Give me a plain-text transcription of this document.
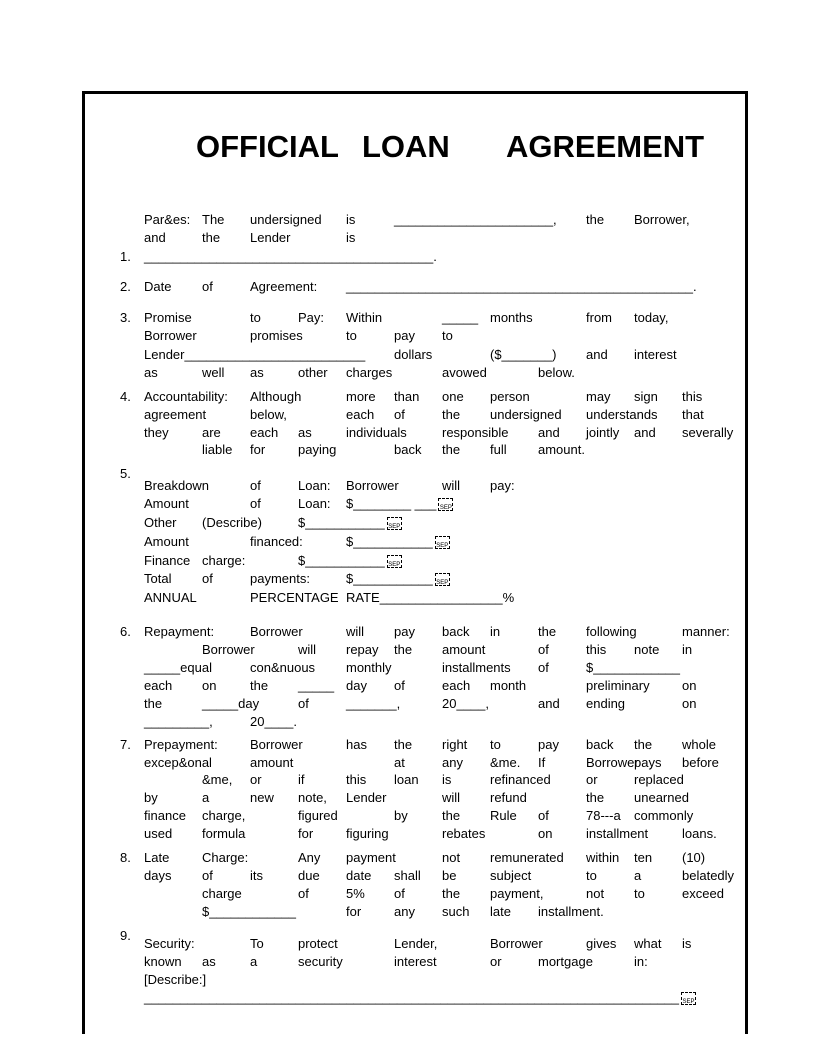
OFFICIAL LOAN AGREEMENT
1.
2.
3.
4.
5.
6.
7.
8.
9.
Par&es: The undersigned is	______________________, the Borrower,
and	the Lender	is
________________________________________.
Date of	Agreement: ________________________________________________.
Promise	to	Pay: Within	_____ months	from today,
Borrower	promises	to	pay to
Lender_________________________ dollars	($_______) and interest
as	well as	other charges	avowed	below.
Accountability: Although	more than one person	may sign this
agreement	below,	each of	the undersigned understands that
they	are each as	individuals	responsible and jointly and severally
liable for	paying	back the full amount.
Breakdown	of	Loan: Borrower	will pay:
Amount	of	Loan: $________ ___ SEP
Other (Describe)	$___________ SEP
Amount	financed:	$___________ SEP
Finance charge:	$___________ SEP
Total of	payments:	$___________ SEP
ANNUAL	PERCENTAGE RATE_________________%
Repayment:	Borrower	will pay back in	the following	manner:
Borrower	will repay the amount	of	this note in
_____equal	con&nuous monthly	installments of	$____________
each on	the _____ day of	each month	preliminary on
the	_____day	of	_______,	20____,	and ending	on
_________,	20____.
Prepayment: Borrower	has the right to	pay back the whole
excep&onal	amount	at	any &me. If	Borrower
pays before
&me, or	if	this loan is	refinanced	or	replaced
by	a	new note, Lender	will refund	the unearned
finance charge,	figured	by	the Rule of	78---a commonly
used formula	for	figuring	rebates	on	installment	loans.
Late	Charge:	Any payment	not remunerated within ten (10)
days of	its	due date shall be	subject	to	a	belatedly
charge	of	5% of	the payment,	not to	exceed
$____________	for	any such late installment.
Security:	To	protect	Lender,	Borrower	gives what is
known as	a	security	interest	or	mortgage	in:
[Describe:]
__________________________________________________________________________ SEP
